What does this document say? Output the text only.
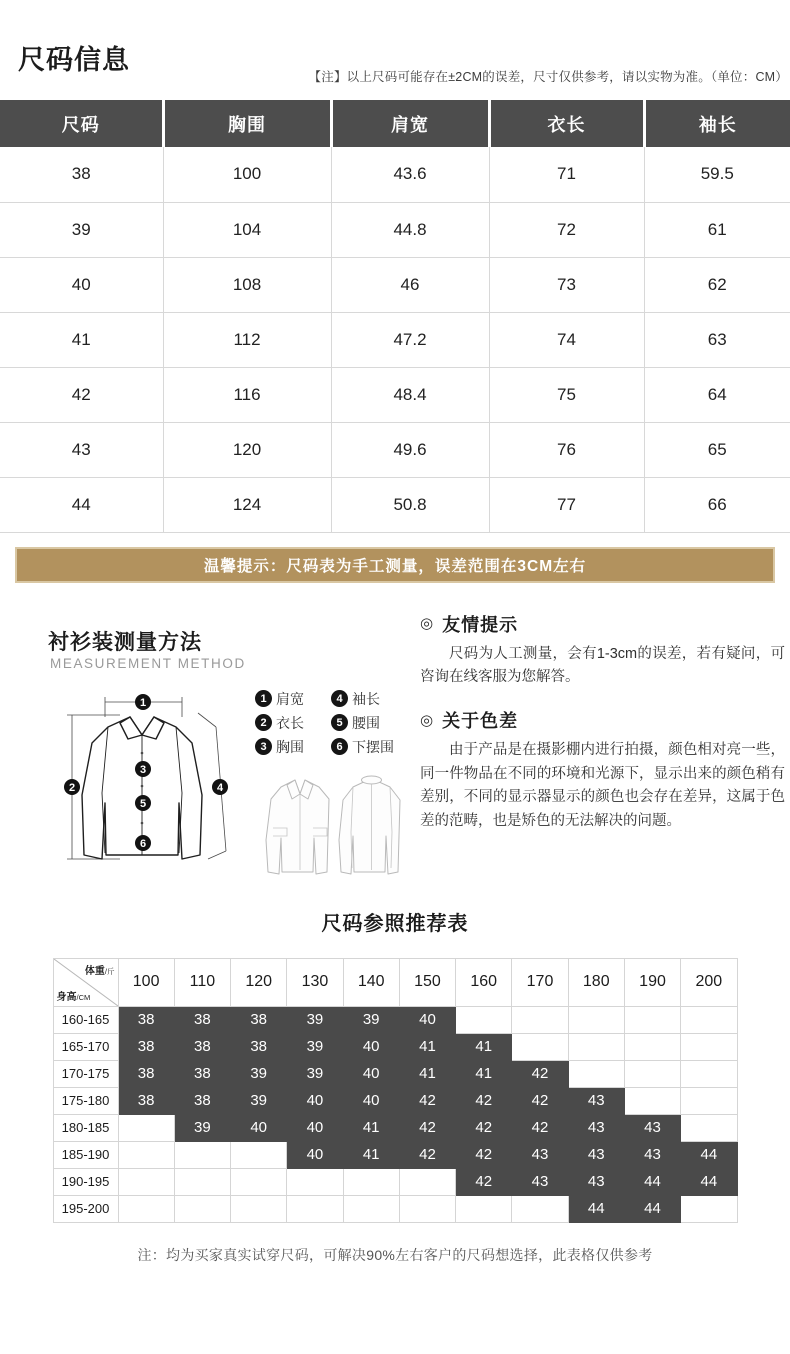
尺码信息
【注】以上尺码可能存在±2CM的误差，尺寸仅供参考，请以实物为准。（单位：CM）
尺码	胸围	肩宽	衣长	袖长
38	100	43.6	71	59.5
39	104	44.8	72	61
40	108	46	73	62
41	112	47.2	74	63
42	116	48.4	75	64
43	120	49.6	76	65
44	124	50.8	77	66
温馨提示：尺码表为手工测量，误差范围在3CM左右
衬衫装测量方法
MEASUREMENT METHOD
1
2
3
4
5
6
1 肩宽	4 袖长
2 衣长	5 腰围
3 胸围	6 下摆围
◎ 友情提示

尺码为人工测量，会有1-3cm的误差，若有疑问，可咨询在线客服为您解答。

◎ 关于色差

由于产品是在摄影棚内进行拍摄，颜色相对亮一些，同一件物品在不同的环境和光源下，显示出来的颜色稍有差别，不同的显示器显示的颜色也会存在差异，这属于色差的范畴，也是矫色的无法解决的问题。

尺码参照推荐表
体重/斤
身高/CM	100	110	120	130	140	150	160	170	180	190	200
160-165	38	38	38	39	39	40					
165-170	38	38	38	39	40	41	41				
170-175	38	38	39	39	40	41	41	42			
175-180	38	38	39	40	40	42	42	42	43		
180-185		39	40	40	41	42	42	42	43	43	
185-190				40	41	42	42	43	43	43	44
190-195							42	43	43	44	44
195-200									44	44	
注：均为买家真实试穿尺码，可解决90%左右客户的尺码想选择，此表格仅供参考
